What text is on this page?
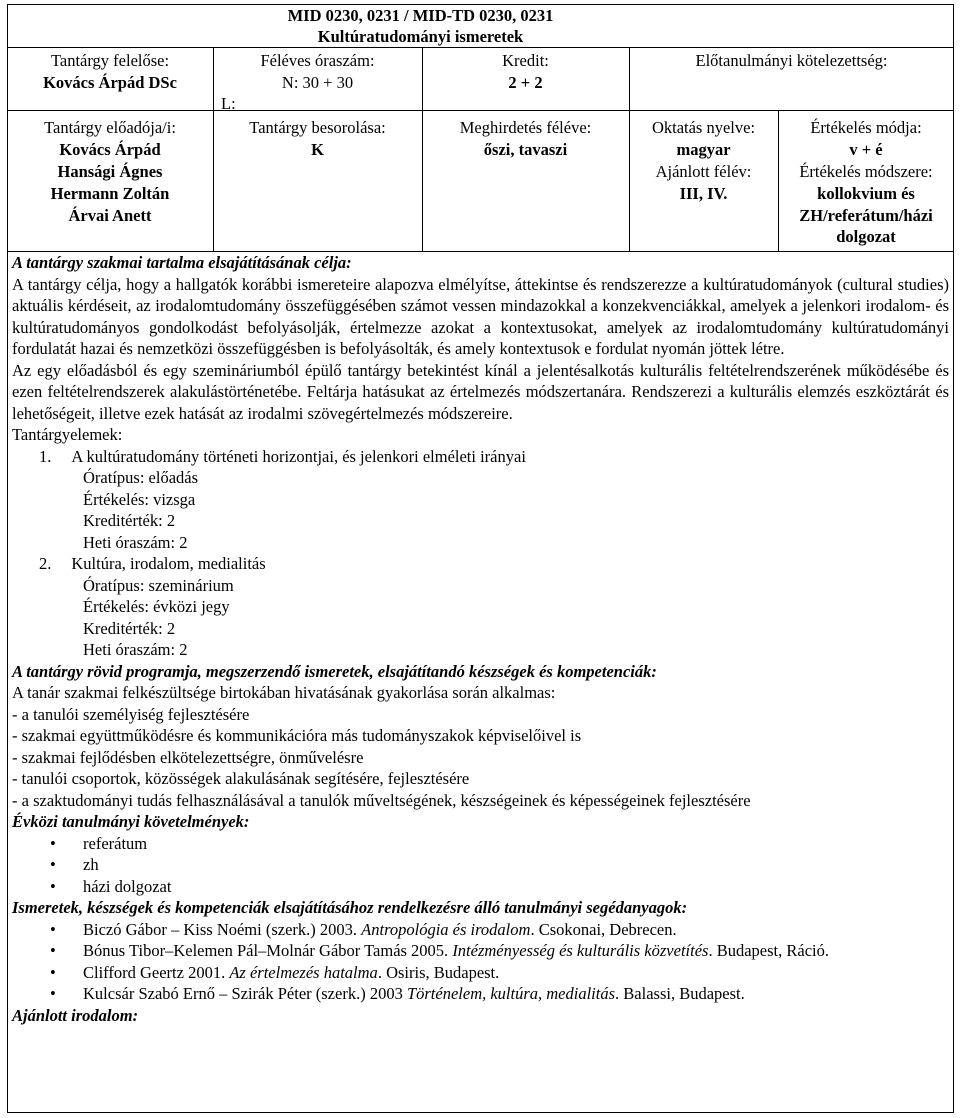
MID 0230, 0231 / MID-TD 0230, 0231
Kultúratudományi ismeretek
Tantárgy felelőse:
Kovács Árpád DSc
Féléves óraszám:
N: 30 + 30
L:
Kredit:
2 + 2
Előtanulmányi kötelezettség:
Tantárgy előadója/i:
Kovács Árpád
Hansági Ágnes
Hermann Zoltán
Árvai Anett
Tantárgy besorolása:
K
Meghirdetés féléve:
őszi, tavaszi
Oktatás nyelve:
magyar
Ajánlott félév:
III, IV.
Értékelés módja:
v + é
Értékelés módszere:
kollokvium és ZH/referátum/házi dolgozat
A tantárgy szakmai tartalma elsajátításának célja:
A tantárgy célja, hogy a hallgatók korábbi ismereteire alapozva elmélyítse, áttekintse és rendszerezze a kultúratudományok (cultural studies) aktuális kérdéseit, az irodalomtudomány összefüggésében számot vessen mindazokkal a konzekvenciákkal, amelyek a jelenkori irodalom- és kultúratudományos gondolkodást befolyásolják, értelmezze azokat a kontextusokat, amelyek az irodalomtudomány kultúratudományi fordulatát hazai és nemzetközi összefüggésben is befolyásolták, és amely kontextusok e fordulat nyomán jöttek létre.
Az egy előadásból és egy szemináriumból épülő tantárgy betekintést kínál a jelentésalkotás kulturális feltételrendszerének működésébe és ezen feltételrendszerek alakulástörténetébe. Feltárja hatásukat az értelmezés módszertanára. Rendszerezi a kulturális elemzés eszköztárát és lehetőségeit, illetve ezek hatását az irodalmi szövegértelmezés módszereire.
Tantárgyelemek:
1. A kultúratudomány történeti horizontjai, és jelenkori elméleti irányai
Óratípus: előadás
Értékelés: vizsga
Kreditérték: 2
Heti óraszám: 2
2. Kultúra, irodalom, medialitás
Óratípus: szeminárium
Értékelés: évközi jegy
Kreditérték: 2
Heti óraszám: 2
A tantárgy rövid programja, megszerzendő ismeretek, elsajátítandó készségek és kompetenciák:
A tanár szakmai felkészültsége birtokában hivatásának gyakorlása során alkalmas:
- a tanulói személyiség fejlesztésére
- szakmai együttműködésre és kommunikációra más tudományszakok képviselőivel is
- szakmai fejlődésben elkötelezettségre, önművelésre
- tanulói csoportok, közösségek alakulásának segítésére, fejlesztésére
- a szaktudományi tudás felhasználásával a tanulók műveltségének, készségeinek és képességeinek fejlesztésére
Évközi tanulmányi követelmények:
• referátum
• zh
• házi dolgozat
Ismeretek, készségek és kompetenciák elsajátításához rendelkezésre álló tanulmányi segédanyagok:
• Biczó Gábor – Kiss Noémi (szerk.) 2003. Antropológia és irodalom. Csokonai, Debrecen.
• Bónus Tibor–Kelemen Pál–Molnár Gábor Tamás 2005. Intézményesség és kulturális közvetítés. Budapest, Ráció.
• Clifford Geertz 2001. Az értelmezés hatalma. Osiris, Budapest.
• Kulcsár Szabó Ernő – Szirák Péter (szerk.) 2003 Történelem, kultúra, medialitás. Balassi, Budapest.
Ajánlott irodalom:
